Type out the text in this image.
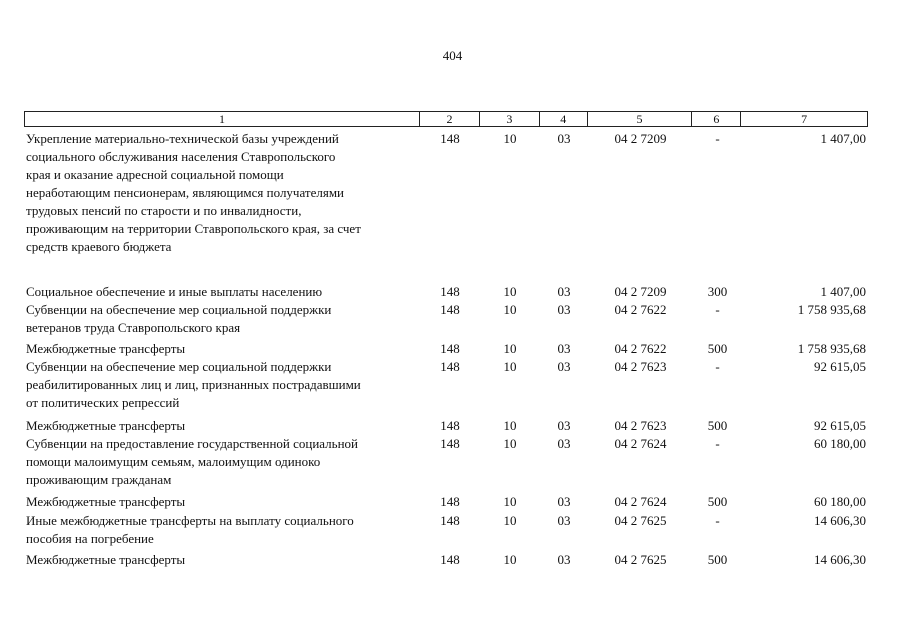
404
1	2	3	4	5	6	7
Укрепление материально-технической базы учреждений
социального обслуживания населения Ставропольского
края и оказание адресной социальной помощи
неработающим пенсионерам, являющимся получателями
трудовых пенсий по старости и по инвалидности,
проживающим на территории Ставропольского края, за счет
средств краевого бюджета
148	10	03	04 2 7209	-	1 407,00
Социальное обеспечение и иные выплаты населению	148	10	03	04 2 7209	300	1 407,00
Субвенции на обеспечение мер социальной поддержки
ветеранов труда Ставропольского края
148	10	03	04 2 7622	-	1 758 935,68
Межбюджетные трансферты	148	10	03	04 2 7622	500	1 758 935,68
Субвенции на обеспечение мер социальной поддержки
реабилитированных лиц и лиц, признанных пострадавшими
от политических репрессий
148	10	03	04 2 7623	-	92 615,05
Межбюджетные трансферты	148	10	03	04 2 7623	500	92 615,05
Субвенции на предоставление государственной социальной
помощи малоимущим семьям, малоимущим одиноко
проживающим гражданам
148	10	03	04 2 7624	-	60 180,00
Межбюджетные трансферты	148	10	03	04 2 7624	500	60 180,00
Иные межбюджетные трансферты на выплату социального
пособия на погребение
148	10	03	04 2 7625	-	14 606,30
Межбюджетные трансферты	148	10	03	04 2 7625	500	14 606,30
